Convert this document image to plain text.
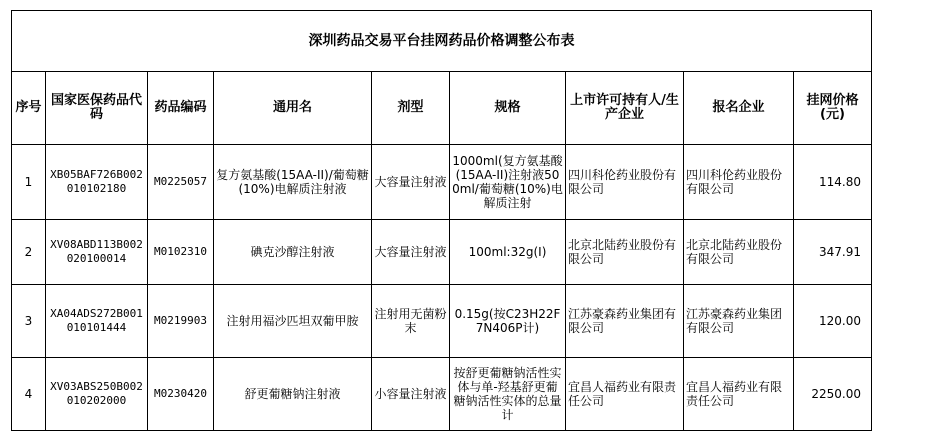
深圳药品交易平台挂网药品价格调整公布表								
序号	国家医保药品代码	药品编码	通用名	剂型	规格	上市许可持有人/生产企业	报名企业	挂网价格(元)
1	XB05BAF726B002010102180	M0225057	复方氨基酸(15AA-II)/葡萄糖(10%)电解质注射液	大容量注射液	1000ml(复方氨基酸(15AA-II)注射液500ml/葡萄糖(10%)电解质注射	四川科伦药业股份有限公司	四川科伦药业股份有限公司	114.80
2	XV08ABD113B002020100014	M0102310	碘克沙醇注射液	大容量注射液	100ml:32g(I)	北京北陆药业股份有限公司	北京北陆药业股份有限公司	347.91
3	XA04ADS272B001010101444	M0219903	注射用福沙匹坦双葡甲胺	注射用无菌粉末	0.15g(按C23H22F7N406P计)	江苏豪森药业集团有限公司	江苏豪森药业集团有限公司	120.00
4	XV03ABS250B002010202000	M0230420	舒更葡糖钠注射液	小容量注射液	按舒更葡糖钠活性实体与单-羟基舒更葡糖钠活性实体的总量计	宜昌人福药业有限责任公司	宜昌人福药业有限责任公司	2250.00
